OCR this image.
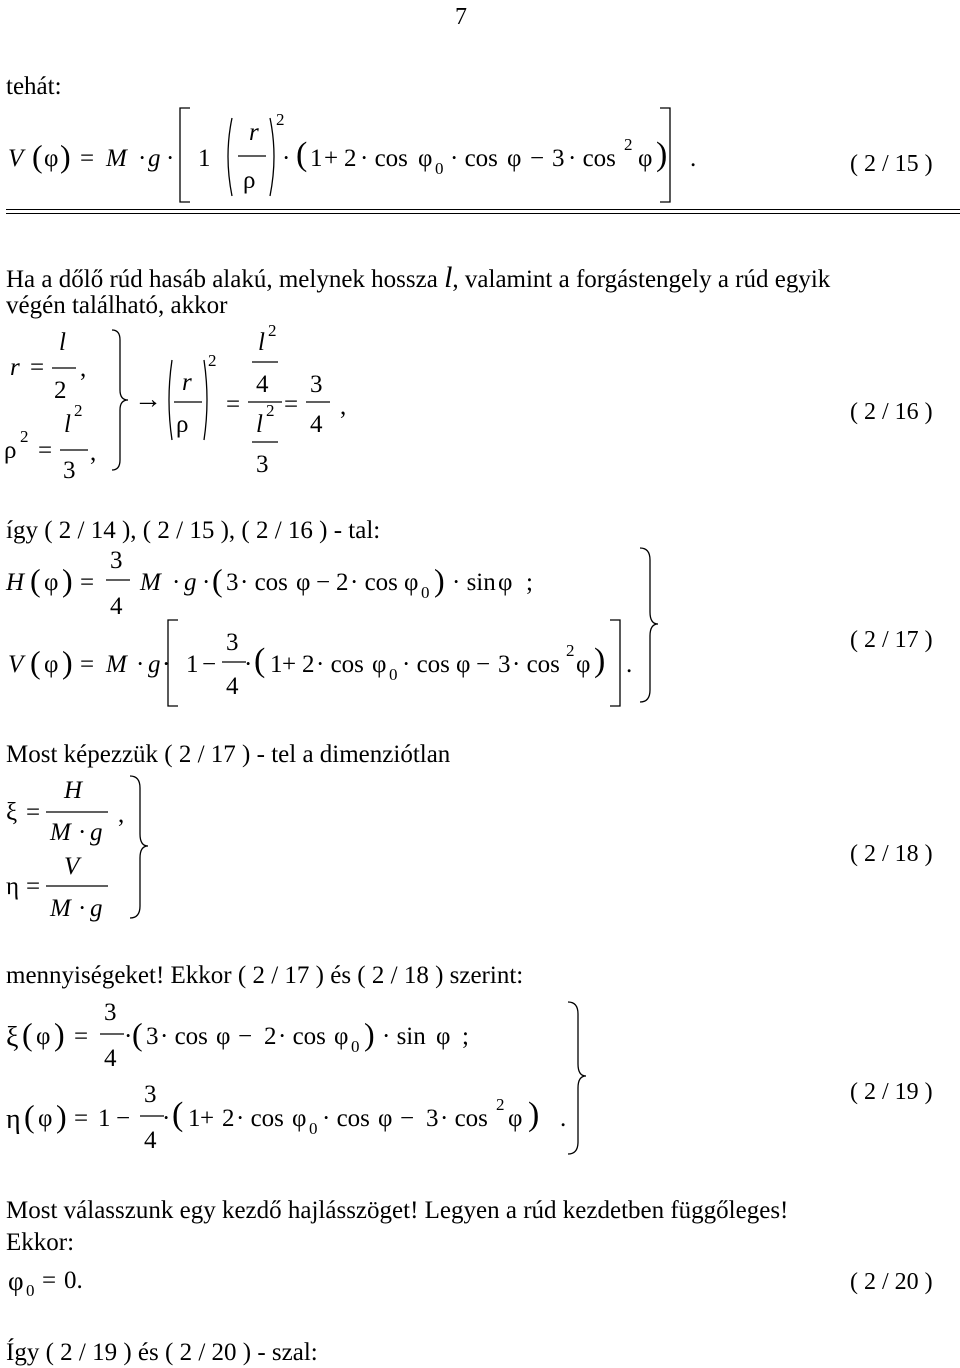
7
tehát:
V ( φ ) = M · g · 1
r
ρ
2
· ( 1 + 2 · cos φ 0 · cos φ − 3 · cos
2
φ ) .	( 2 / 15 )
Ha a dőlő rúd hasáb alakú, melynek hossza l, valamint a forgástengely a rúd egyik
végén található, akkor
r =
l
2
,
ρ
2
=
l
2
3
,
→
r
ρ
2
=
l 2
4
l
2
3
=
3
4
,	( 2 / 16 )
így ( 2 / 14 ), ( 2 / 15 ), ( 2 / 16 ) - tal:
H ( φ ) =
3
4
M · g · ( 3 · cos φ − 2 · cos φ 0 ) · sin φ ;
V ( φ ) = M · g · 1 −
3
4
· ( 1 + 2 · cos φ 0 · cos φ − 3 · cos
2
φ ) .
( 2 / 17 )
Most képezzük ( 2 / 17 ) - tel a dimenziótlan
ξ =
H
M · g
,
η =
V
M · g
( 2 / 18 )
mennyiségeket! Ekkor ( 2 / 17 ) és ( 2 / 18 ) szerint:
ξ ( φ ) =
3
4
· ( 3 · cos φ − 2 · cos φ 0 ) · sin φ ;
η ( φ ) = 1 −
3
4
· ( 1 + 2 · cos φ 0 · cos φ − 3 · cos
2
φ ) .
( 2 / 19 )
Most válasszunk egy kezdő hajlásszöget! Legyen a rúd kezdetben függőleges!
Ekkor:
φ 0 = 0.	( 2 / 20 )
Így ( 2 / 19 ) és ( 2 / 20 ) - szal:
